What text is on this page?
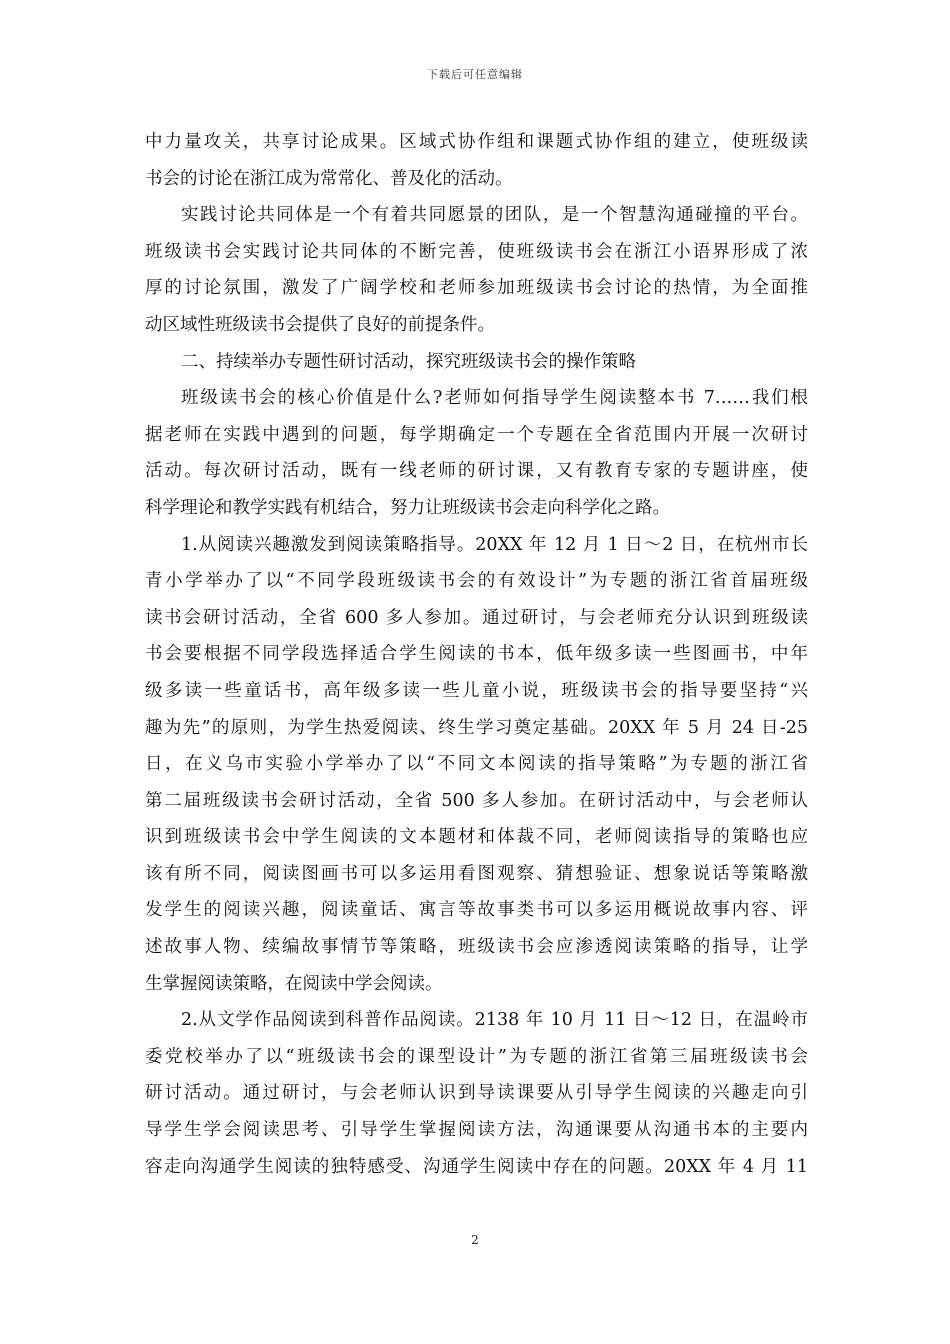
下载后可任意编辑
中力量攻关，共享讨论成果。区域式协作组和课题式协作组的建立，使班级读
书会的讨论在浙江成为常常化、普及化的活动。
实践讨论共同体是一个有着共同愿景的团队，是一个智慧沟通碰撞的平台。
班级读书会实践讨论共同体的不断完善，使班级读书会在浙江小语界形成了浓
厚的讨论氛围，激发了广阔学校和老师参加班级读书会讨论的热情，为全面推
动区域性班级读书会提供了良好的前提条件。
二、持续举办专题性研讨活动，探究班级读书会的操作策略
班级读书会的核心价值是什么?老师如何指导学生阅读整本书 7……我们根
据老师在实践中遇到的问题，每学期确定一个专题在全省范围内开展一次研讨
活动。每次研讨活动，既有一线老师的研讨课，又有教育专家的专题讲座，使
科学理论和教学实践有机结合，努力让班级读书会走向科学化之路。
1.从阅读兴趣激发到阅读策略指导。20XX 年 12 月 1 日～2 日，在杭州市长
青小学举办了以“不同学段班级读书会的有效设计”为专题的浙江省首届班级
读书会研讨活动，全省 600 多人参加。通过研讨，与会老师充分认识到班级读
书会要根据不同学段选择适合学生阅读的书本，低年级多读一些图画书，中年
级多读一些童话书，高年级多读一些儿童小说，班级读书会的指导要坚持“兴
趣为先”的原则，为学生热爱阅读、终生学习奠定基础。20XX 年 5 月 24 日-25
日，在义乌市实验小学举办了以“不同文本阅读的指导策略”为专题的浙江省
第二届班级读书会研讨活动，全省 500 多人参加。在研讨活动中，与会老师认
识到班级读书会中学生阅读的文本题材和体裁不同，老师阅读指导的策略也应
该有所不同，阅读图画书可以多运用看图观察、猜想验证、想象说话等策略激
发学生的阅读兴趣，阅读童话、寓言等故事类书可以多运用概说故事内容、评
述故事人物、续编故事情节等策略，班级读书会应渗透阅读策略的指导，让学
生掌握阅读策略，在阅读中学会阅读。
2.从文学作品阅读到科普作品阅读。2138 年 10 月 11 日～12 日，在温岭市
委党校举办了以“班级读书会的课型设计”为专题的浙江省第三届班级读书会
研讨活动。通过研讨，与会老师认识到导读课要从引导学生阅读的兴趣走向引
导学生学会阅读思考、引导学生掌握阅读方法，沟通课要从沟通书本的主要内
容走向沟通学生阅读的独特感受、沟通学生阅读中存在的问题。20XX 年 4 月 11
2
